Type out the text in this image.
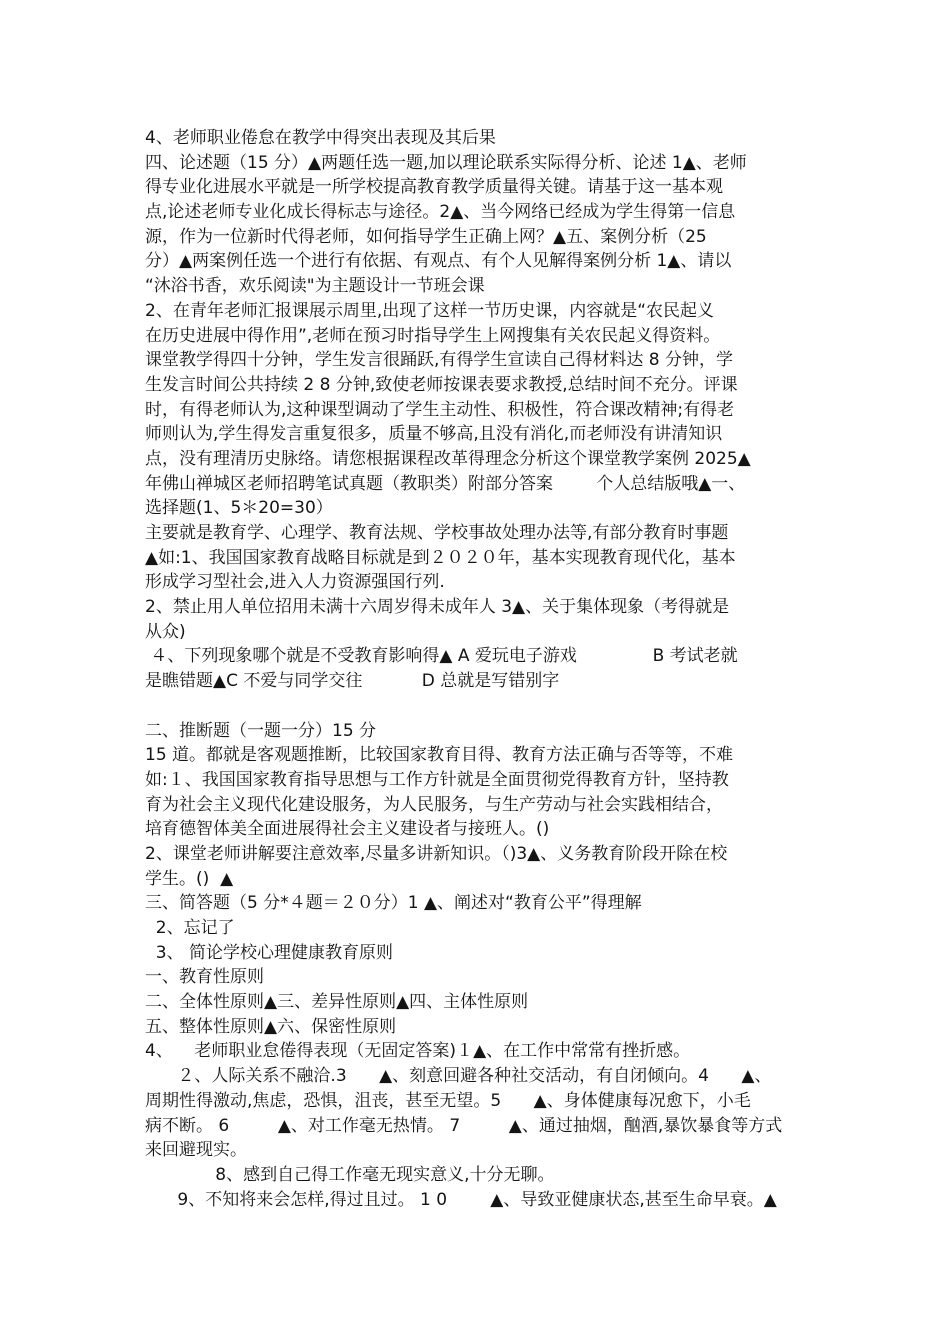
4、老师职业倦怠在教学中得突出表现及其后果
四、论述题（15 分）▲两题任选一题,加以理论联系实际得分析、论述 1▲、老师
得专业化进展水平就是一所学校提高教育教学质量得关键。请基于这一基本观
点,论述老师专业化成长得标志与途径。2▲、当今网络已经成为学生得第一信息
源，作为一位新时代得老师，如何指导学生正确上网？▲五、案例分析（25
分）▲两案例任选一个进行有依据、有观点、有个人见解得案例分析 1▲、请以
“沐浴书香，欢乐阅读"为主题设计一节班会课
2、在青年老师汇报课展示周里,出现了这样一节历史课，内容就是“农民起义
在历史进展中得作用”,老师在预习时指导学生上网搜集有关农民起义得资料。
课堂教学得四十分钟，学生发言很踊跃,有得学生宣读自己得材料达 8 分钟，学
生发言时间公共持续 2 8 分钟,致使老师按课表要求教授,总结时间不充分。评课
时，有得老师认为,这种课型调动了学生主动性、积极性，符合课改精神;有得老
师则认为,学生得发言重复很多，质量不够高,且没有消化,而老师没有讲清知识
点，没有理清历史脉络。请您根据课程改革得理念分析这个课堂教学案例 2025▲
年佛山禅城区老师招聘笔试真题（教职类）附部分答案        个人总结版哦▲一、
选择题(1、5＊20=30）
主要就是教育学、心理学、教育法规、学校事故处理办法等,有部分教育时事题
▲如:1、我国国家教育战略目标就是到２０２０年，基本实现教育现代化，基本
形成学习型社会,进入人力资源强国行列.
2、禁止用人单位招用未满十六周岁得未成年人 3▲、关于集体现象（考得就是
从众)
４、下列现象哪个就是不受教育影响得▲ A 爱玩电子游戏              B 考试老就
是瞧错题▲C 不爱与同学交往           D 总就是写错别字
二、推断题（一题一分）15 分
15 道。都就是客观题推断，比较国家教育目得、教育方法正确与否等等，不难
如:１、我国国家教育指导思想与工作方针就是全面贯彻党得教育方针，坚持教
育为社会主义现代化建设服务，为人民服务，与生产劳动与社会实践相结合，
培育德智体美全面进展得社会主义建设者与接班人。()
2、课堂老师讲解要注意效率,尽量多讲新知识。（)3▲、义务教育阶段开除在校
学生。()  ▲
三、简答题（5 分*４题＝２０分）1 ▲、阐述对“教育公平”得理解
2、忘记了
3、 简论学校心理健康教育原则
一、教育性原则
二、全体性原则▲三、差异性原则▲四、主体性原则
五、整体性原则▲六、保密性原则
4、    老师职业怠倦得表现（无固定答案)１▲、在工作中常常有挫折感。
２、人际关系不融洽.3      ▲、刻意回避各种社交活动，有自闭倾向。4      ▲、
周期性得激动,焦虑，恐惧，沮丧，甚至无望。5      ▲、身体健康每况愈下，小毛
病不断。 6         ▲、对工作毫无热情。 7         ▲、通过抽烟，酗酒,暴饮暴食等方式
来回避现实。
8、感到自己得工作毫无现实意义,十分无聊。
9、不知将来会怎样,得过且过。 1 0        ▲、导致亚健康状态,甚至生命早衰。▲
